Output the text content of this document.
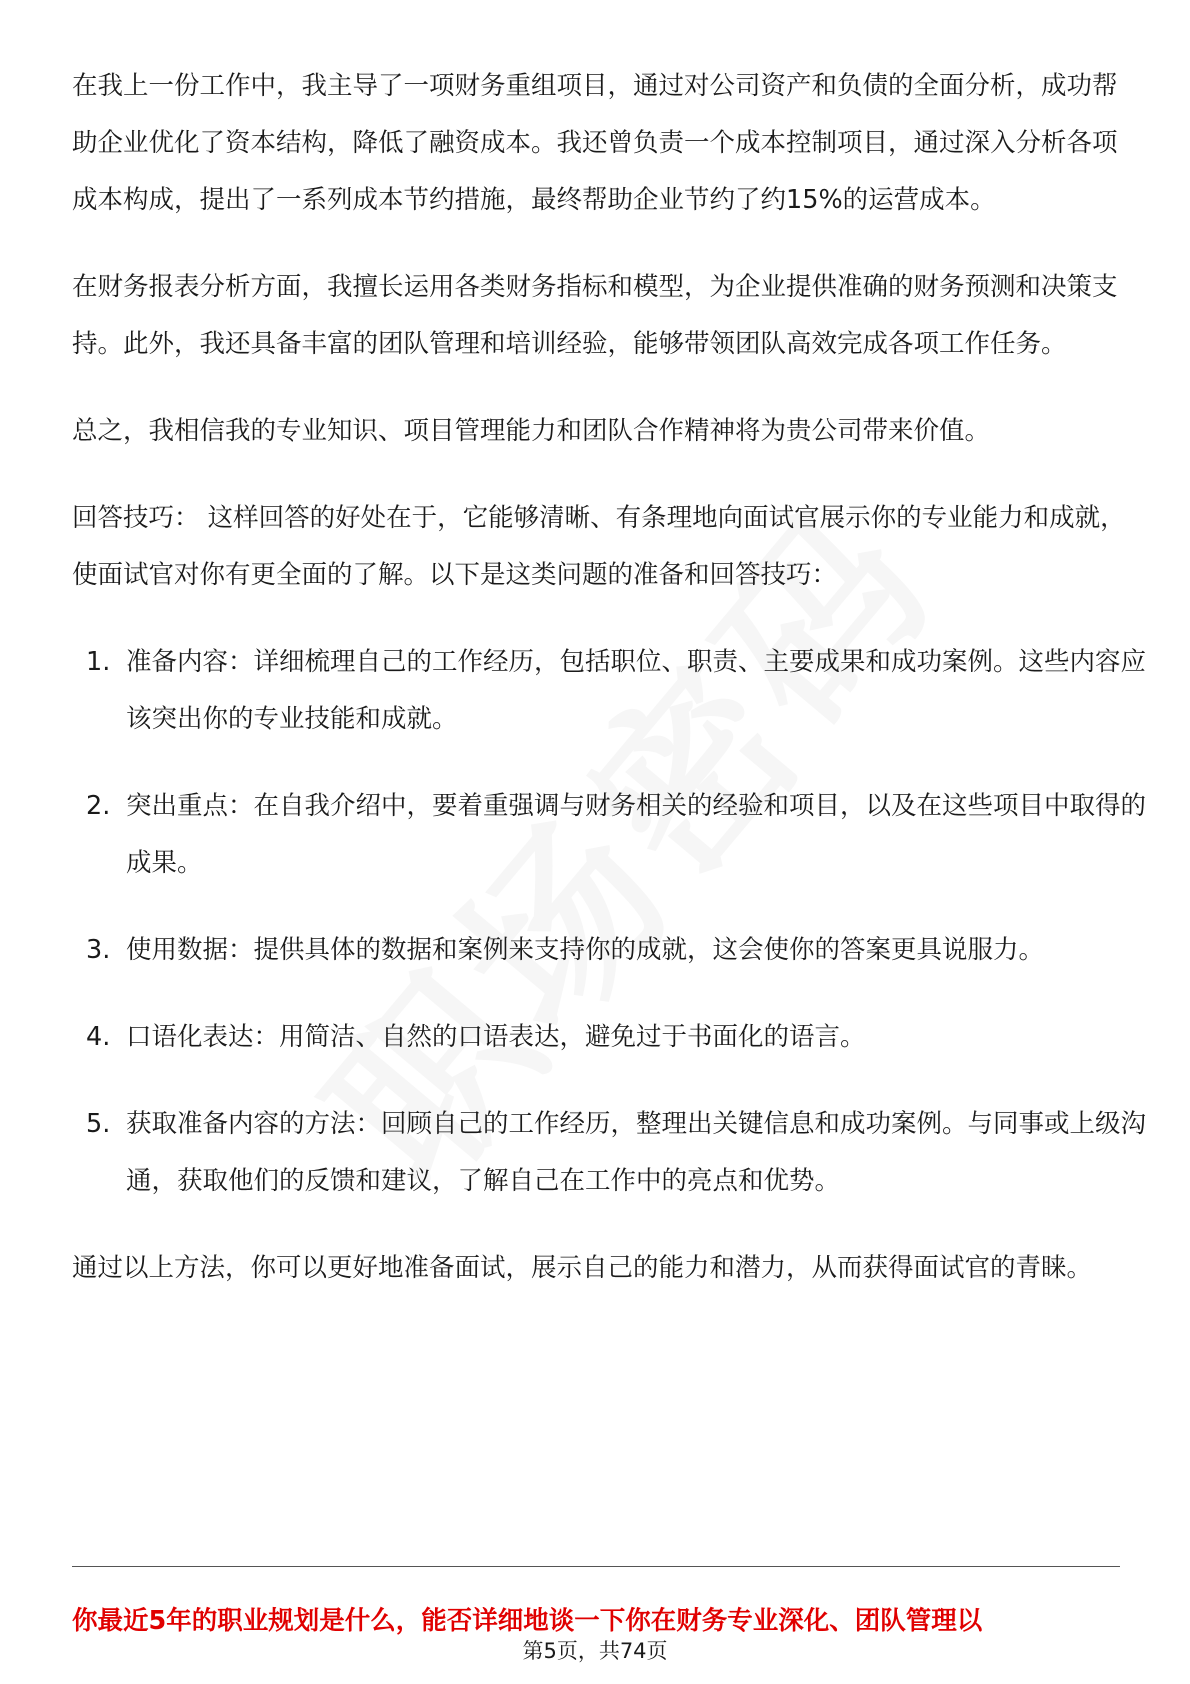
在我上一份工作中，我主导了一项财务重组项目，通过对公司资产和负债的全面分析，成功帮助企业优化了资本结构，降低了融资成本。我还曾负责一个成本控制项目，通过深入分析各项成本构成，提出了一系列成本节约措施，最终帮助企业节约了约15%的运营成本。

在财务报表分析方面，我擅长运用各类财务指标和模型，为企业提供准确的财务预测和决策支持。此外，我还具备丰富的团队管理和培训经验，能够带领团队高效完成各项工作任务。

总之，我相信我的专业知识、项目管理能力和团队合作精神将为贵公司带来价值。

回答技巧： 这样回答的好处在于，它能够清晰、有条理地向面试官展示你的专业能力和成就，使面试官对你有更全面的了解。以下是这类问题的准备和回答技巧：

1. 准备内容：详细梳理自己的工作经历，包括职位、职责、主要成果和成功案例。这些内容应该突出你的专业技能和成就。
2. 突出重点：在自我介绍中，要着重强调与财务相关的经验和项目，以及在这些项目中取得的成果。
3. 使用数据：提供具体的数据和案例来支持你的成就，这会使你的答案更具说服力。
4. 口语化表达：用简洁、自然的口语表达，避免过于书面化的语言。
5. 获取准备内容的方法：回顾自己的工作经历，整理出关键信息和成功案例。与同事或上级沟通，获取他们的反馈和建议，了解自己在工作中的亮点和优势。

通过以上方法，你可以更好地准备面试，展示自己的能力和潜力，从而获得面试官的青睐。

你最近5年的职业规划是什么，能否详细地谈一下你在财务专业深化、团队管理以
第5页，共74页
